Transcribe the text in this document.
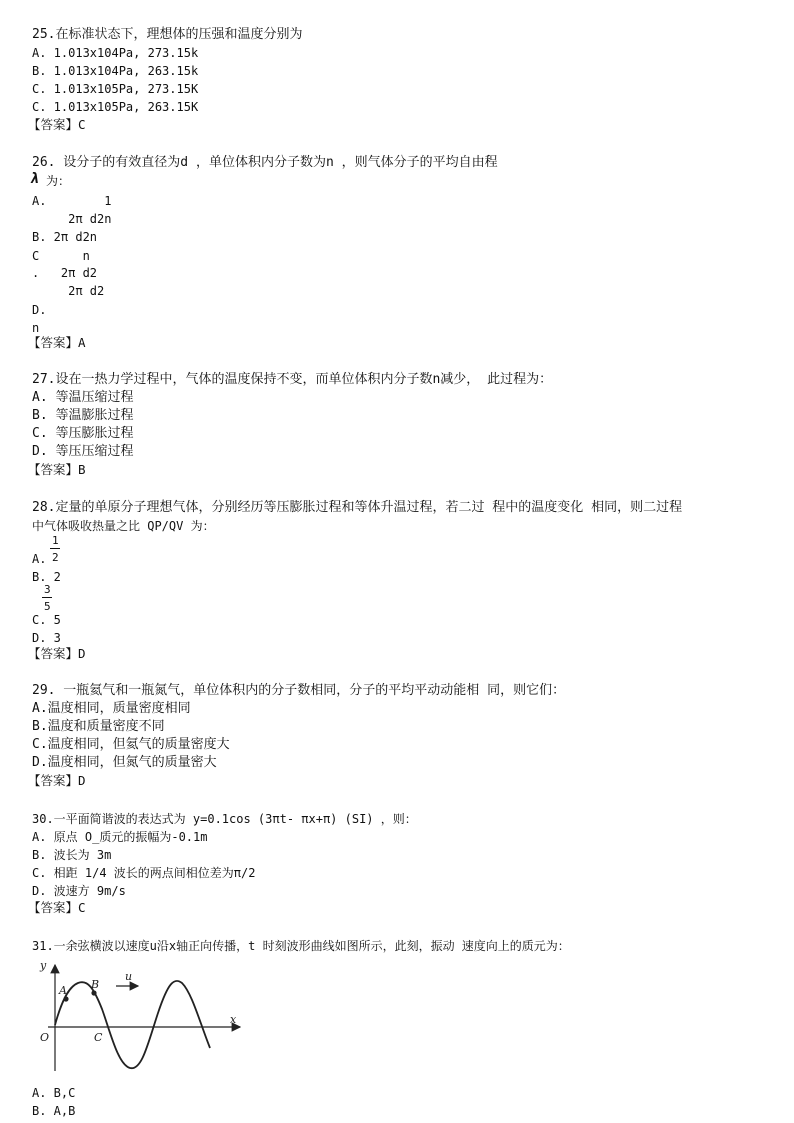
25.在标准状态下，理想体的压强和温度分别为
A. 1.013x104Pa, 273.15k
B. 1.013x104Pa, 263.15k
C. 1.013x105Pa, 273.15K
C. 1.013x105Pa, 263.15K
【答案】C
26. 设分子的有效直径为d ，单位体积内分子数为n ，则气体分子的平均自由程
λ 为：
A.        1
2π d2n
B. 2π d2n
C      n
.   2π d2
2π d2
D.
n
【答案】A
27.设在一热力学过程中，气体的温度保持不变，而单位体积内分子数n减少， 此过程为：
A. 等温压缩过程
B. 等温膨胀过程
C. 等压膨胀过程
D. 等压压缩过程
【答案】B
28.定量的单原分子理想气体，分别经历等压膨胀过程和等体升温过程，若二过 程中的温度变化 相同，则二过程
中气体吸收热量之比 QP/QV 为：
1
A. 2
B. 2
3
5
C. 5
D. 3
【答案】D
29. 一瓶氦气和一瓶氮气，单位体积内的分子数相同，分子的平均平动动能相 同，则它们：
A.温度相同，质量密度相同
B.温度和质量密度不同
C.温度相同，但氦气的质量密度大
D.温度相同，但氮气的质量密大
【答案】D
30.一平面简谐波的表达式为 y=0.1cos (3πt- πx+π) (SI) ，则：
A. 原点 O_质元的振幅为-0.1m
B. 波长为 3m
C. 相距 1/4 波长的两点间相位差为π/2
D. 波速方 9m/s
【答案】C
31.一余弦横波以速度u沿x轴正向传播，t 时刻波形曲线如图所示，此刻，振动 速度向上的质元为：
y
x
O
u
A B
C
A. B,C
B. A,B
